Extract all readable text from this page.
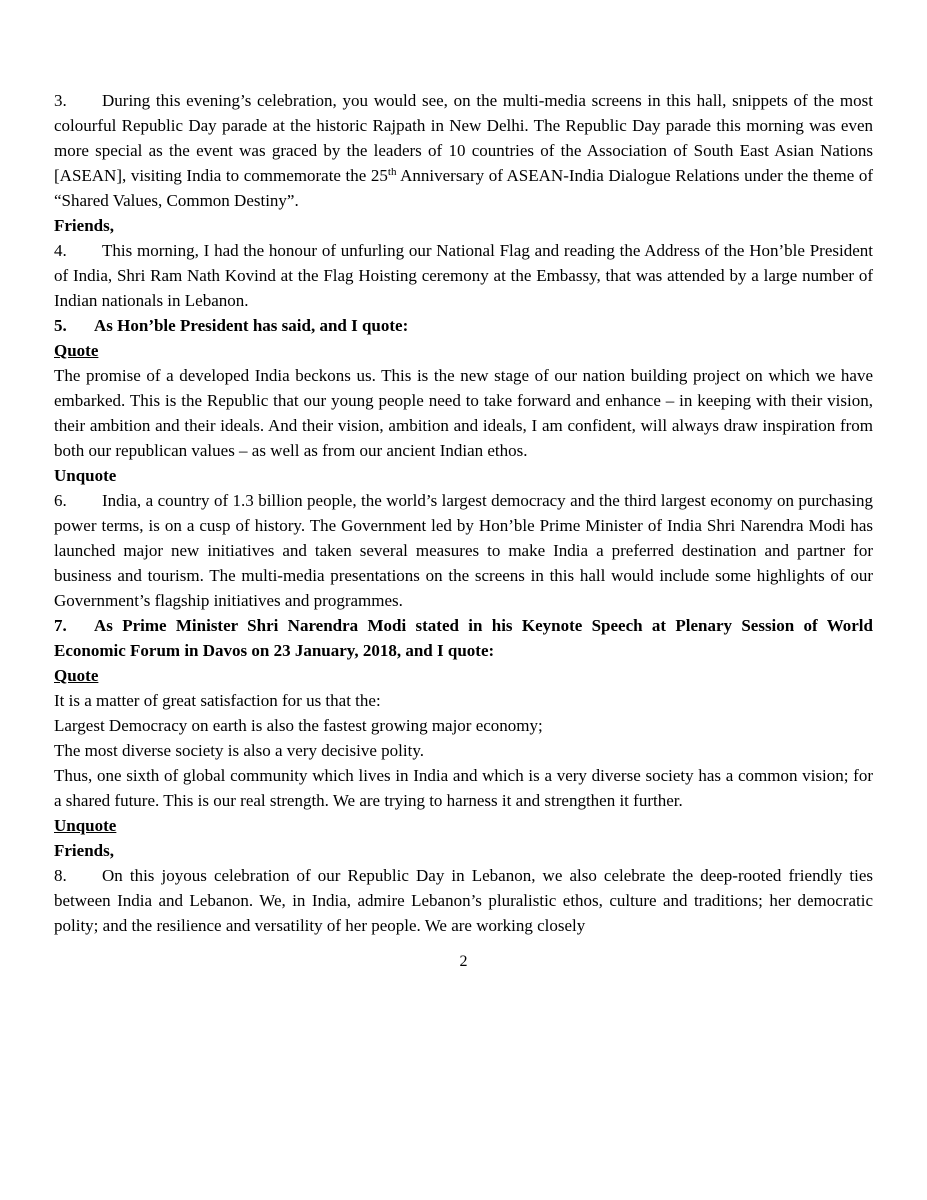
3. During this evening’s celebration, you would see, on the multi-media screens in this hall, snippets of the most colourful Republic Day parade at the historic Rajpath in New Delhi. The Republic Day parade this morning was even more special as the event was graced by the leaders of 10 countries of the Association of South East Asian Nations [ASEAN], visiting India to commemorate the 25th Anniversary of ASEAN-India Dialogue Relations under the theme of “Shared Values, Common Destiny”.

Friends,

4. This morning, I had the honour of unfurling our National Flag and reading the Address of the Hon’ble President of India, Shri Ram Nath Kovind at the Flag Hoisting ceremony at the Embassy, that was attended by a large number of Indian nationals in Lebanon.

5. As Hon’ble President has said, and I quote:

Quote

The promise of a developed India beckons us. This is the new stage of our nation building project on which we have embarked. This is the Republic that our young people need to take forward and enhance – in keeping with their vision, their ambition and their ideals. And their vision, ambition and ideals, I am confident, will always draw inspiration from both our republican values – as well as from our ancient Indian ethos.

Unquote

6. India, a country of 1.3 billion people, the world’s largest democracy and the third largest economy on purchasing power terms, is on a cusp of history. The Government led by Hon’ble Prime Minister of India Shri Narendra Modi has launched major new initiatives and taken several measures to make India a preferred destination and partner for business and tourism. The multi-media presentations on the screens in this hall would include some highlights of our Government’s flagship initiatives and programmes.

7. As Prime Minister Shri Narendra Modi stated in his Keynote Speech at Plenary Session of World Economic Forum in Davos on 23 January, 2018, and I quote:

Quote

It is a matter of great satisfaction for us that the:

Largest Democracy on earth is also the fastest growing major economy;

The most diverse society is also a very decisive polity.

Thus, one sixth of global community which lives in India and which is a very diverse society has a common vision; for a shared future. This is our real strength. We are trying to harness it and strengthen it further.

Unquote

Friends,

8. On this joyous celebration of our Republic Day in Lebanon, we also celebrate the deep-rooted friendly ties between India and Lebanon. We, in India, admire Lebanon’s pluralistic ethos, culture and traditions; her democratic polity; and the resilience and versatility of her people. We are working closely

2
